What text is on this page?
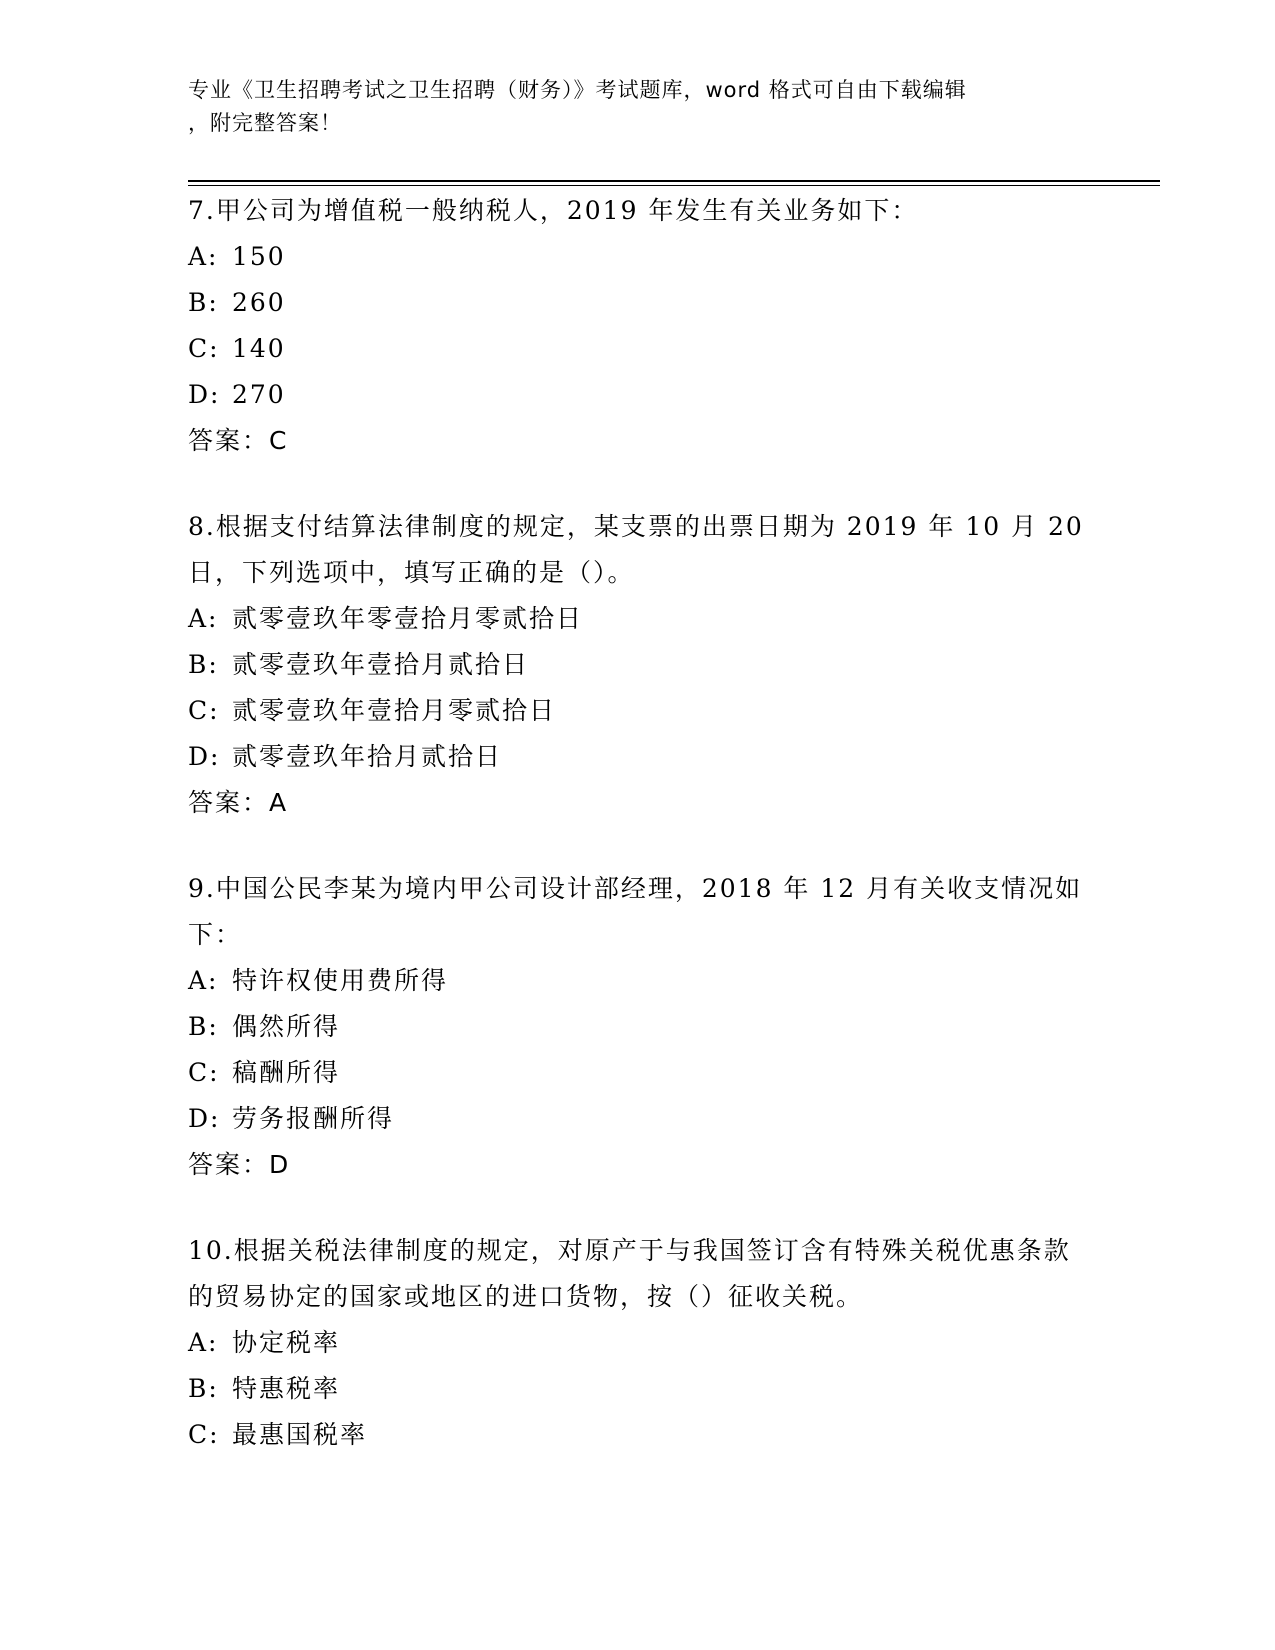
专业《卫生招聘考试之卫生招聘（财务）》考试题库，word 格式可自由下载编辑
，附完整答案！
7.甲公司为增值税一般纳税人，2019 年发生有关业务如下：
A: 150
B: 260
C: 140
D: 270
答案：C
8.根据支付结算法律制度的规定，某支票的出票日期为 2019 年 10 月 20 日，下列选项中，填写正确的是（）。
A: 贰零壹玖年零壹拾月零贰拾日
B: 贰零壹玖年壹拾月贰拾日
C: 贰零壹玖年壹拾月零贰拾日
D: 贰零壹玖年拾月贰拾日
答案：A
9.中国公民李某为境内甲公司设计部经理，2018 年 12 月有关收支情况如下：
A: 特许权使用费所得
B: 偶然所得
C: 稿酬所得
D: 劳务报酬所得
答案：D
10.根据关税法律制度的规定，对原产于与我国签订含有特殊关税优惠条款的贸易协定的国家或地区的进口货物，按（）征收关税。
A: 协定税率
B: 特惠税率
C: 最惠国税率
